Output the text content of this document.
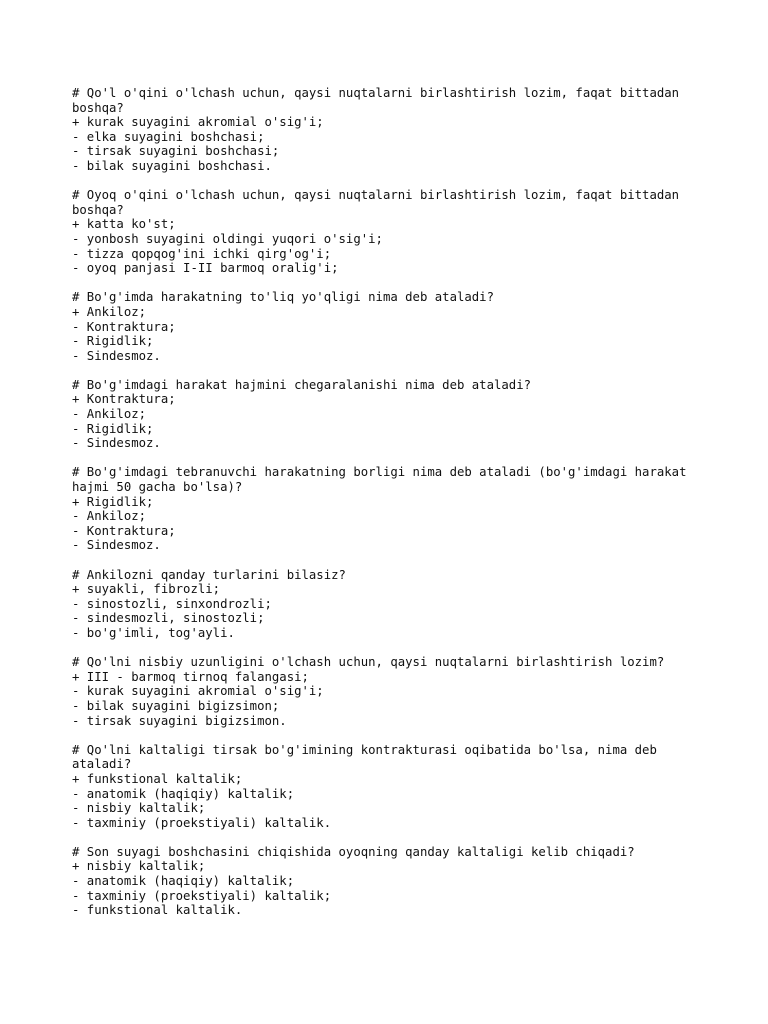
# Qo'l o'qini o'lchash uchun, qaysi nuqtalarni birlashtirish lozim, faqat bittadan
boshqa?
+ kurak suyagini akromial o'sig'i;
- elka suyagini boshchasi;
- tirsak suyagini boshchasi;
- bilak suyagini boshchasi.
# Oyoq o'qini o'lchash uchun, qaysi nuqtalarni birlashtirish lozim, faqat bittadan
boshqa?
+ katta ko'st;
- yonbosh suyagini oldingi yuqori o'sig'i;
- tizza qopqog'ini ichki qirg'og'i;
- oyoq panjasi I-II barmoq oralig'i;
# Bo'g'imda harakatning to'liq yo'qligi nima deb ataladi?
+ Ankiloz;
- Kontraktura;
- Rigidlik;
- Sindesmoz.
# Bo'g'imdagi harakat hajmini chegaralanishi nima deb ataladi?
+ Kontraktura;
- Ankiloz;
- Rigidlik;
- Sindesmoz.
# Bo'g'imdagi tebranuvchi harakatning borligi nima deb ataladi (bo'g'imdagi harakat
hajmi 50 gacha bo'lsa)?
+ Rigidlik;
- Ankiloz;
- Kontraktura;
- Sindesmoz.
# Ankilozni qanday turlarini bilasiz?
+ suyakli, fibrozli;
- sinostozli, sinxondrozli;
- sindesmozli, sinostozli;
- bo'g'imli, tog'ayli.
# Qo'lni nisbiy uzunligini o'lchash uchun, qaysi nuqtalarni birlashtirish lozim?
+ III - barmoq tirnoq falangasi;
- kurak suyagini akromial o'sig'i;
- bilak suyagini bigizsimon;
- tirsak suyagini bigizsimon.
# Qo'lni kaltaligi tirsak bo'g'imining kontrakturasi oqibatida bo'lsa, nima deb
ataladi?
+ funkstional kaltalik;
- anatomik (haqiqiy) kaltalik;
- nisbiy kaltalik;
- taxminiy (proekstiyali) kaltalik.
# Son suyagi boshchasini chiqishida oyoqning qanday kaltaligi kelib chiqadi?
+ nisbiy kaltalik;
- anatomik (haqiqiy) kaltalik;
- taxminiy (proekstiyali) kaltalik;
- funkstional kaltalik.
